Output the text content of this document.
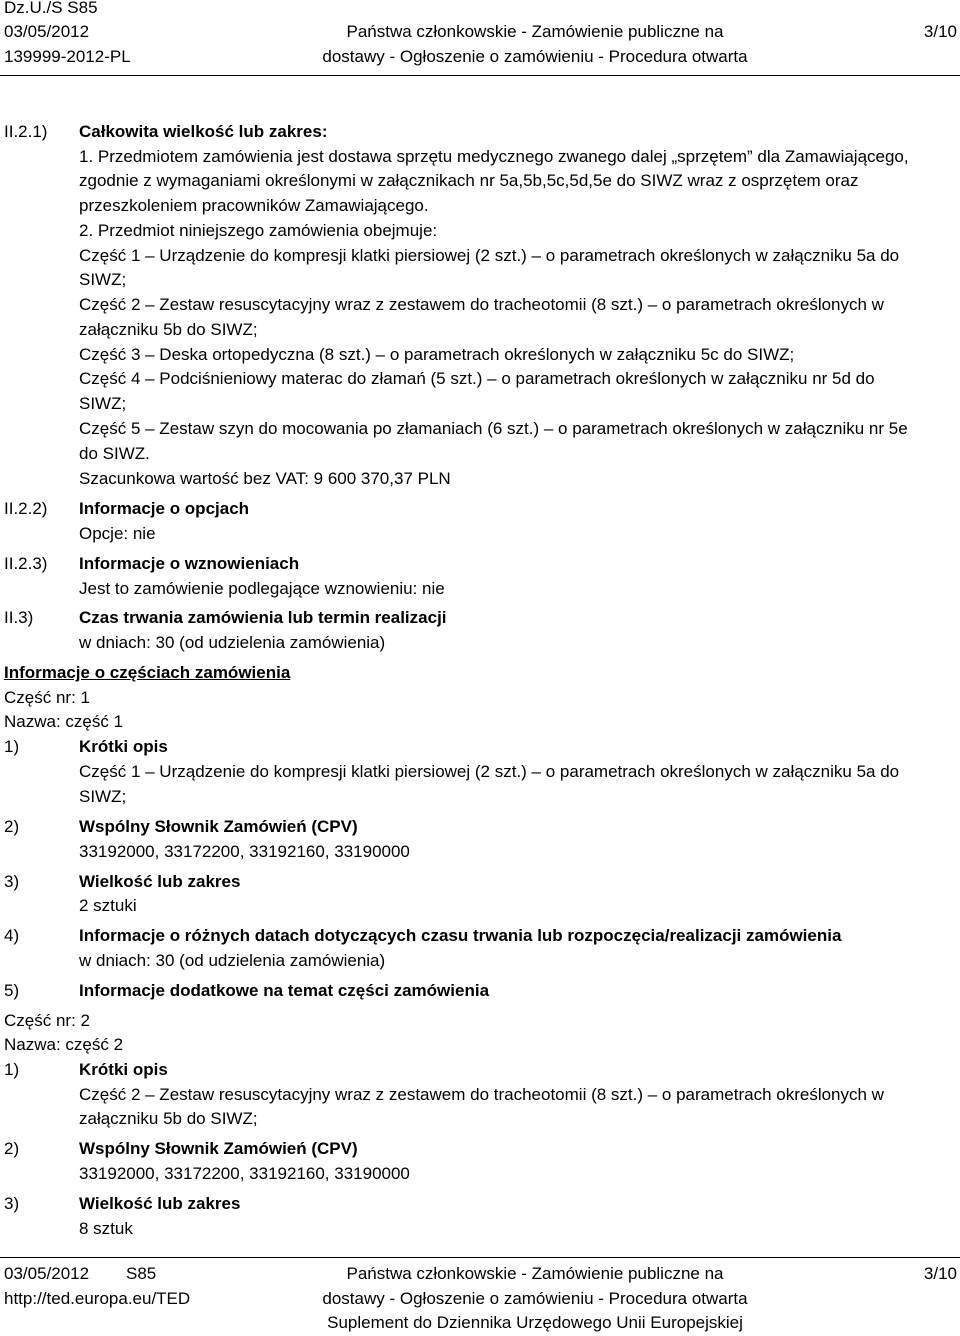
Dz.U./S S85
03/05/2012
139999-2012-PL
Państwa członkowskie - Zamówienie publiczne na
dostawy - Ogłoszenie o zamówieniu - Procedura otwarta
3/10
II.2.1) Całkowita wielkość lub zakres:
1. Przedmiotem zamówienia jest dostawa sprzętu medycznego zwanego dalej „sprzętem” dla Zamawiającego,
zgodnie z wymaganiami określonymi w załącznikach nr 5a,5b,5c,5d,5e do SIWZ wraz z osprzętem oraz
przeszkoleniem pracowników Zamawiającego.
2. Przedmiot niniejszego zamówienia obejmuje:
Część 1 – Urządzenie do kompresji klatki piersiowej (2 szt.) – o parametrach określonych w załączniku 5a do
SIWZ;
Część 2 – Zestaw resuscytacyjny wraz z zestawem do tracheotomii (8 szt.) – o parametrach określonych w
załączniku 5b do SIWZ;
Część 3 – Deska ortopedyczna (8 szt.) – o parametrach określonych w załączniku 5c do SIWZ;
Część 4 – Podciśnieniowy materac do złamań (5 szt.) – o parametrach określonych w załączniku nr 5d do
SIWZ;
Część 5 – Zestaw szyn do mocowania po złamaniach (6 szt.) – o parametrach określonych w załączniku nr 5e
do SIWZ.
Szacunkowa wartość bez VAT: 9 600 370,37 PLN
II.2.2) Informacje o opcjach
Opcje: nie
II.2.3) Informacje o wznowieniach
Jest to zamówienie podlegające wznowieniu: nie
II.3)	Czas trwania zamówienia lub termin realizacji
w dniach: 30 (od udzielenia zamówienia)
Informacje o częściach zamówienia
Część nr: 1
Nazwa: część 1
1)	Krótki opis
Część 1 – Urządzenie do kompresji klatki piersiowej (2 szt.) – o parametrach określonych w załączniku 5a do
SIWZ;
2)	Wspólny Słownik Zamówień (CPV)
33192000, 33172200, 33192160, 33190000
3)	Wielkość lub zakres
2 sztuki
4)	Informacje o różnych datach dotyczących czasu trwania lub rozpoczęcia/realizacji zamówienia
w dniach: 30 (od udzielenia zamówienia)
5)	Informacje dodatkowe na temat części zamówienia
Część nr: 2
Nazwa: część 2
1)	Krótki opis
Część 2 – Zestaw resuscytacyjny wraz z zestawem do tracheotomii (8 szt.) – o parametrach określonych w
załączniku 5b do SIWZ;
2)	Wspólny Słownik Zamówień (CPV)
33192000, 33172200, 33192160, 33190000
3)	Wielkość lub zakres
8 sztuk
03/05/2012 S85
http://ted.europa.eu/TED
Państwa członkowskie - Zamówienie publiczne na
dostawy - Ogłoszenie o zamówieniu - Procedura otwarta
Suplement do Dziennika Urzędowego Unii Europejskiej
3/10
